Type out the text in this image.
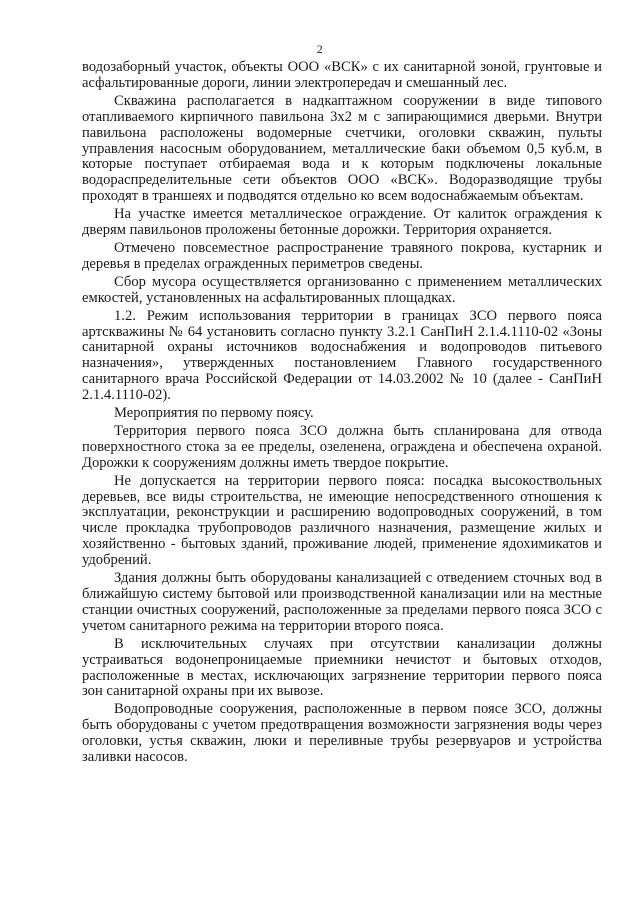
2

водозаборный участок, объекты ООО «ВСК» с их санитарной зоной, грунтовые и асфальтированные дороги, линии электропередач и смешанный лес.

Скважина располагается в надкаптажном сооружении в виде типового отапливаемого кирпичного павильона 3х2 м с запирающимися дверьми. Внутри павильона расположены водомерные счетчики, оголовки скважин, пульты управления насосным оборудованием, металлические баки объемом 0,5 куб.м, в которые поступает отбираемая вода и к которым подключены локальные водораспределительные сети объектов ООО «ВСК». Водоразводящие трубы проходят в траншеях и подводятся отдельно ко всем водоснабжаемым объектам.

На участке имеется металлическое ограждение. От калиток ограждения к дверям павильонов проложены бетонные дорожки. Территория охраняется.

Отмечено повсеместное распространение травяного покрова, кустарник и деревья в пределах огражденных периметров сведены.

Сбор мусора осуществляется организованно с применением металлических емкостей, установленных на асфальтированных площадках.

1.2. Режим использования территории в границах ЗСО первого пояса артскважины № 64 установить согласно пункту 3.2.1 СанПиН 2.1.4.1110-02 «Зоны санитарной охраны источников водоснабжения и водопроводов питьевого назначения», утвержденных постановлением Главного государственного санитарного врача Российской Федерации от 14.03.2002 № 10 (далее - СанПиН 2.1.4.1110-02).

Мероприятия по первому поясу.

Территория первого пояса ЗСО должна быть спланирована для отвода поверхностного стока за ее пределы, озеленена, ограждена и обеспечена охраной. Дорожки к сооружениям должны иметь твердое покрытие.

Не допускается на территории первого пояса: посадка высокоствольных деревьев, все виды строительства, не имеющие непосредственного отношения к эксплуатации, реконструкции и расширению водопроводных сооружений, в том числе прокладка трубопроводов различного назначения, размещение жилых и хозяйственно - бытовых зданий, проживание людей, применение ядохимикатов и удобрений.

Здания должны быть оборудованы канализацией с отведением сточных вод в ближайшую систему бытовой или производственной канализации или на местные станции очистных сооружений, расположенные за пределами первого пояса ЗСО с учетом санитарного режима на территории второго пояса.

В исключительных случаях при отсутствии канализации должны устраиваться водонепроницаемые приемники нечистот и бытовых отходов, расположенные в местах, исключающих загрязнение территории первого пояса зон санитарной охраны при их вывозе.

Водопроводные сооружения, расположенные в первом поясе ЗСО, должны быть оборудованы с учетом предотвращения возможности загрязнения воды через оголовки, устья скважин, люки и переливные трубы резервуаров и устройства заливки насосов.
